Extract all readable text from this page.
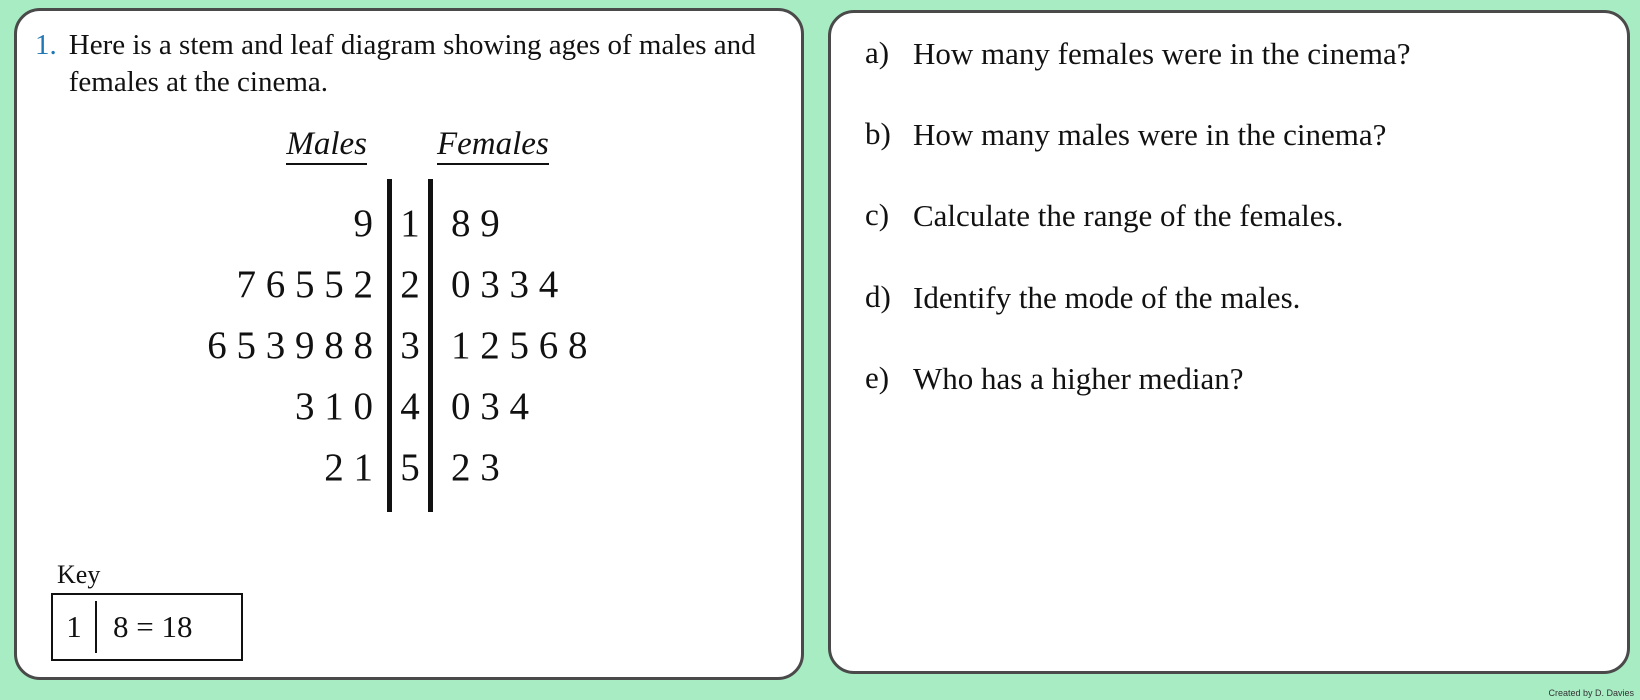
1. Here is a stem and leaf diagram showing ages of males and females at the cinema.
Males	Females
9
7 6 5 5 2
6 5 3 9 8 8
3 1 0
2 1
1
2
3
4
5
8 9
0 3 3 4
1 2 5 6 8
0 3 4
2 3
Key
1	8 = 18
a) How many females were in the cinema?
b) How many males were in the cinema?
c) Calculate the range of the females.
d) Identify the mode of the males.
e) Who has a higher median?
Created by D. Davies
